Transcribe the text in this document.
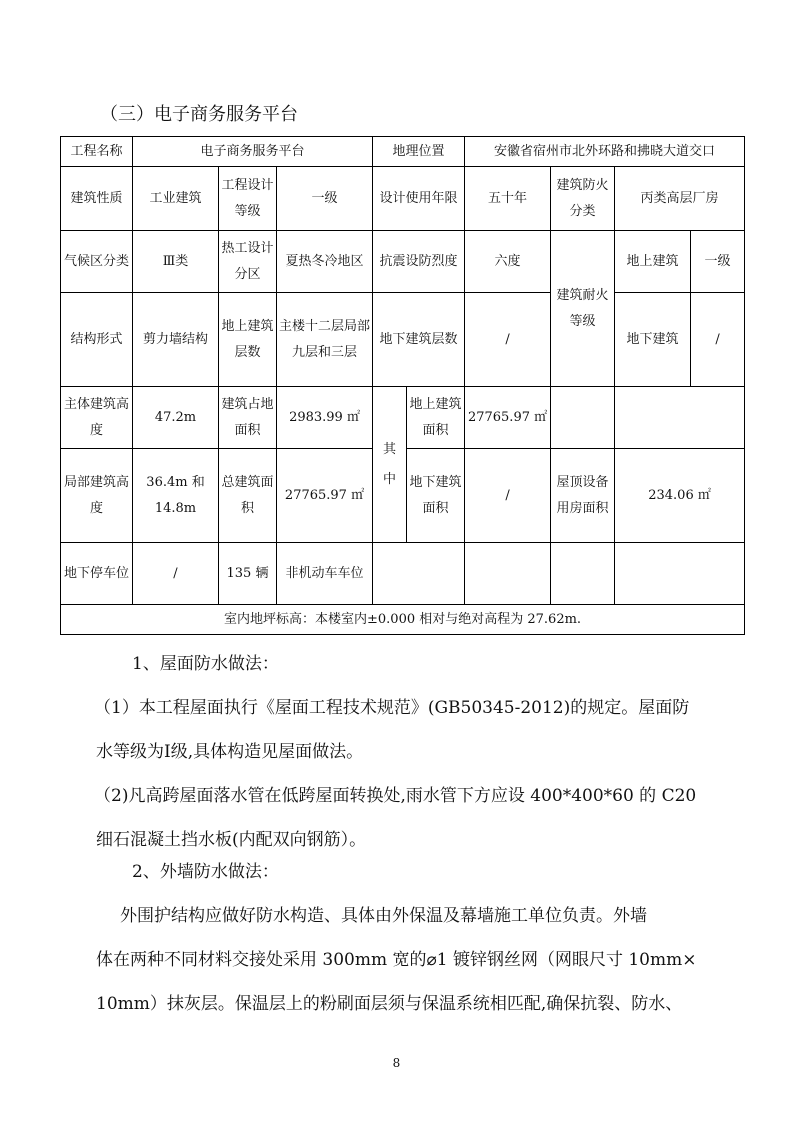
（三）电子商务服务平台
工程名称	电子商务服务平台			地理位置		安徽省宿州市北外环路和拂晓大道交口			
建筑性质	工业建筑	工程设计等级	一级	设计使用年限		五十年	建筑防火分类	丙类高层厂房	
气候区分类	Ⅲ类	热工设计分区	夏热冬冷地区	抗震设防烈度		六度	建筑耐火等级	地上建筑	一级
结构形式	剪力墙结构	地上建筑层数	主楼十二层局部九层和三层	地下建筑层数		/		地下建筑	/
主体建筑高度	47.2m	建筑占地面积	2983.99 ㎡	其中	地上建筑面积	27765.97 ㎡			
局部建筑高度	36.4m 和 14.8m	总建筑面积	27765.97 ㎡		地下建筑面积	/	屋顶设备用房面积	234.06 ㎡	
地下停车位	/	135 辆	非机动车车位						
室内地坪标高：本楼室内±0.000 相对与绝对高程为 27.62m.									
1、屋面防水做法：
（1）本工程屋面执行《屋面工程技术规范》(GB50345-2012)的规定。屋面防
水等级为Ⅰ级,具体构造见屋面做法。
（2)凡高跨屋面落水管在低跨屋面转换处,雨水管下方应设 400*400*60 的 C20
细石混凝土挡水板(内配双向钢筋）。
2、外墙防水做法：
外围护结构应做好防水构造、具体由外保温及幕墙施工单位负责。外墙
体在两种不同材料交接处采用 300mm 宽的⌀1 镀锌钢丝网（网眼尺寸 10mm×
10mm）抹灰层。保温层上的粉刷面层须与保温系统相匹配,确保抗裂、防水、
8
